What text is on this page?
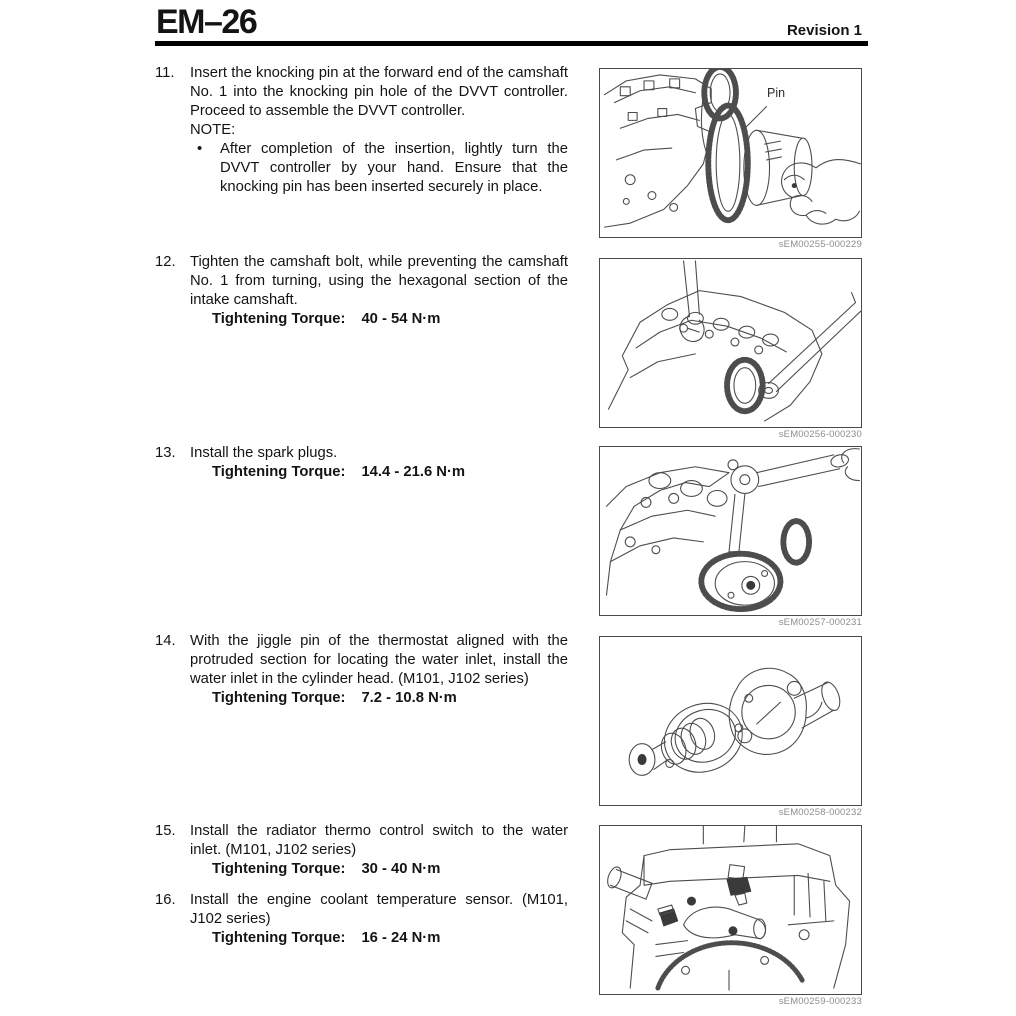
EM–26	Revision 1
11.	Insert the knocking pin at the forward end of the camshaft No. 1 into the knocking pin hole of the DVVT controller. Proceed to assemble the DVVT controller.

NOTE:

•	After completion of the insertion, lightly turn the DVVT controller by your hand. Ensure that the knocking pin has been inserted securely in place.

12. Tighten the camshaft bolt, while preventing the camshaft No. 1 from turning, using the hexagonal section of the intake camshaft.

Tightening Torque: 40 - 54 N·m

13. Install the spark plugs.

Tightening Torque: 14.4 - 21.6 N·m

14. With the jiggle pin of the thermostat aligned with the protruded section for locating the water inlet, install the water inlet in the cylinder head. (M101, J102 series)

Tightening Torque: 7.2 - 10.8 N·m

15. Install the radiator thermo control switch to the water inlet. (M101, J102 series)

Tightening Torque: 30 - 40 N·m

16. Install the engine coolant temperature sensor. (M101, J102 series)

Tightening Torque: 16 - 24 N·m

Pin
sEM00255-000229
sEM00256-000230
sEM00257-000231
sEM00258-000232
sEM00259-000233
